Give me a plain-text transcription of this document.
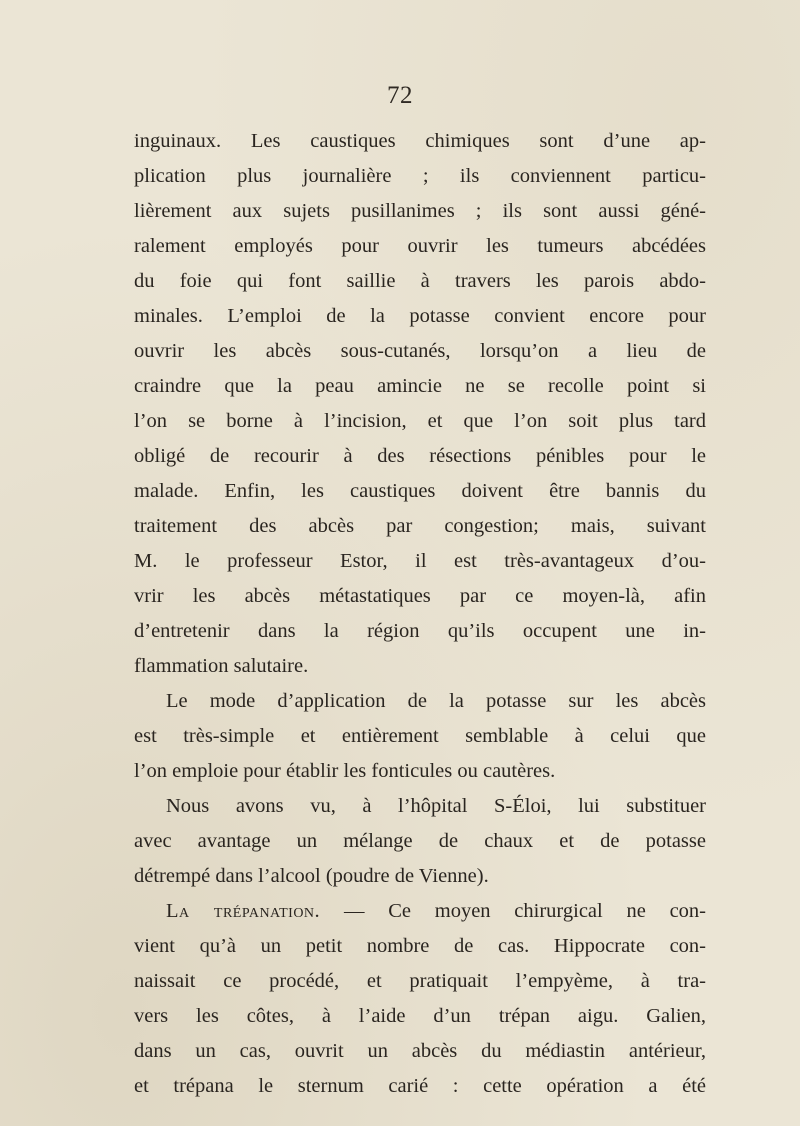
72
inguinaux. Les caustiques chimiques sont d’une ap-
plication plus journalière ; ils conviennent particu-
lièrement aux sujets pusillanimes ; ils sont aussi géné-
ralement employés pour ouvrir les tumeurs abcédées
du foie qui font saillie à travers les parois abdo-
minales. L’emploi de la potasse convient encore pour
ouvrir les abcès sous-cutanés, lorsqu’on a lieu de
craindre que la peau amincie ne se recolle point si
l’on se borne à l’incision, et que l’on soit plus tard
obligé de recourir à des résections pénibles pour le
malade. Enfin, les caustiques doivent être bannis du
traitement des abcès par congestion; mais, suivant
M. le professeur Estor, il est très-avantageux d’ou-
vrir les abcès métastatiques par ce moyen-là, afin
d’entretenir dans la région qu’ils occupent une in-
flammation salutaire.
Le mode d’application de la potasse sur les abcès
est très-simple et entièrement semblable à celui que
l’on emploie pour établir les fonticules ou cautères.
Nous avons vu, à l’hôpital S-Éloi, lui substituer
avec avantage un mélange de chaux et de potasse
détrempé dans l’alcool (poudre de Vienne).
La trépanation. — Ce moyen chirurgical ne con-
vient qu’à un petit nombre de cas. Hippocrate con-
naissait ce procédé, et pratiquait l’empyème, à tra-
vers les côtes, à l’aide d’un trépan aigu. Galien,
dans un cas, ouvrit un abcès du médiastin antérieur,
et trépana le sternum carié : cette opération a été
